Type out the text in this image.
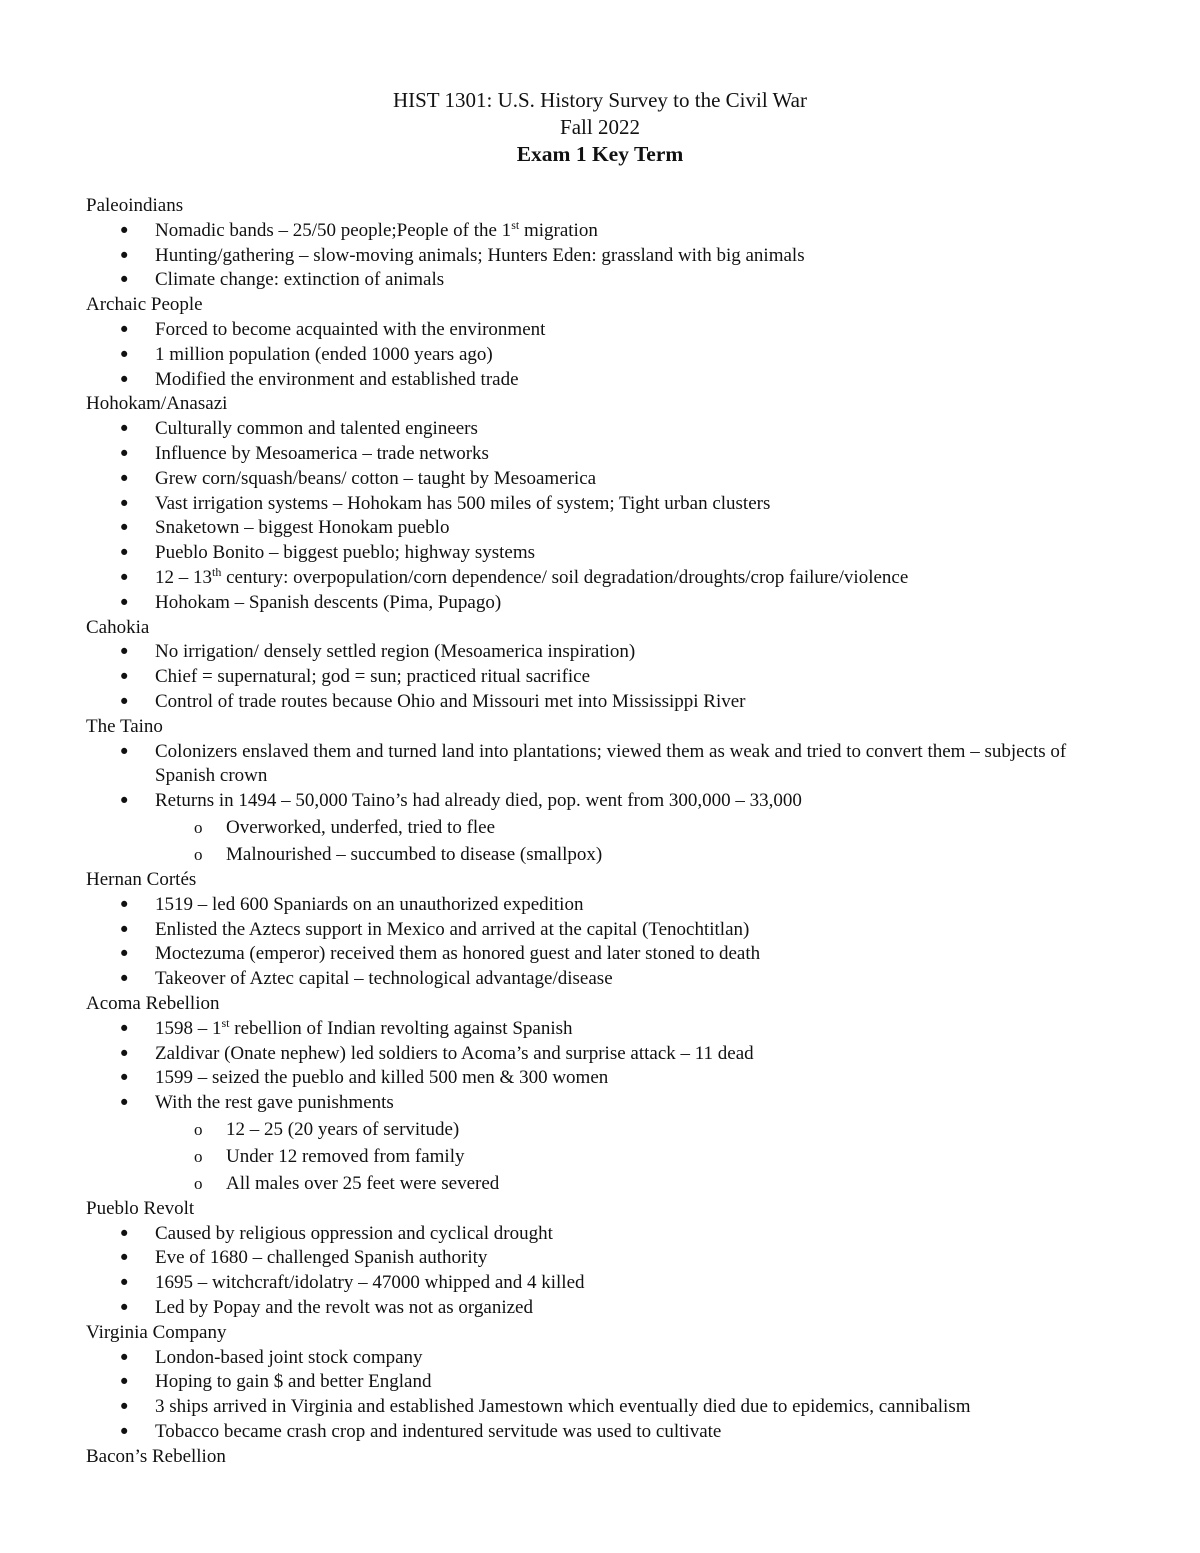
HIST 1301: U.S. History Survey to the Civil War
Fall 2022
Exam 1 Key Term
Paleoindians
• Nomadic bands – 25/50 people;People of the 1st migration
• Hunting/gathering – slow-moving animals; Hunters Eden: grassland with big animals
• Climate change: extinction of animals
Archaic People
• Forced to become acquainted with the environment
• 1 million population (ended 1000 years ago)
• Modified the environment and established trade
Hohokam/Anasazi
• Culturally common and talented engineers
• Influence by Mesoamerica – trade networks
• Grew corn/squash/beans/ cotton – taught by Mesoamerica
• Vast irrigation systems – Hohokam has 500 miles of system; Tight urban clusters
• Snaketown – biggest Honokam pueblo
• Pueblo Bonito – biggest pueblo; highway systems
• 12 – 13th century: overpopulation/corn dependence/ soil degradation/droughts/crop failure/violence
• Hohokam – Spanish descents (Pima, Pupago)
Cahokia
• No irrigation/ densely settled region (Mesoamerica inspiration)
• Chief = supernatural; god = sun; practiced ritual sacrifice
• Control of trade routes because Ohio and Missouri met into Mississippi River
The Taino
• Colonizers enslaved them and turned land into plantations; viewed them as weak and tried to convert them – subjects of Spanish crown
• Returns in 1494 – 50,000 Taino’s had already died, pop. went from 300,000 – 33,000
o Overworked, underfed, tried to flee
o Malnourished – succumbed to disease (smallpox)
Hernan Cortés
• 1519 – led 600 Spaniards on an unauthorized expedition
• Enlisted the Aztecs support in Mexico and arrived at the capital (Tenochtitlan)
• Moctezuma (emperor) received them as honored guest and later stoned to death
• Takeover of Aztec capital – technological advantage/disease
Acoma Rebellion
• 1598 – 1st rebellion of Indian revolting against Spanish
• Zaldivar (Onate nephew) led soldiers to Acoma’s and surprise attack – 11 dead
• 1599 – seized the pueblo and killed 500 men & 300 women
• With the rest gave punishments
o 12 – 25 (20 years of servitude)
o Under 12 removed from family
o All males over 25 feet were severed
Pueblo Revolt
• Caused by religious oppression and cyclical drought
• Eve of 1680 – challenged Spanish authority
• 1695 – witchcraft/idolatry – 47000 whipped and 4 killed
• Led by Popay and the revolt was not as organized
Virginia Company
• London-based joint stock company
• Hoping to gain $ and better England
• 3 ships arrived in Virginia and established Jamestown which eventually died due to epidemics, cannibalism
• Tobacco became crash crop and indentured servitude was used to cultivate
Bacon’s Rebellion
